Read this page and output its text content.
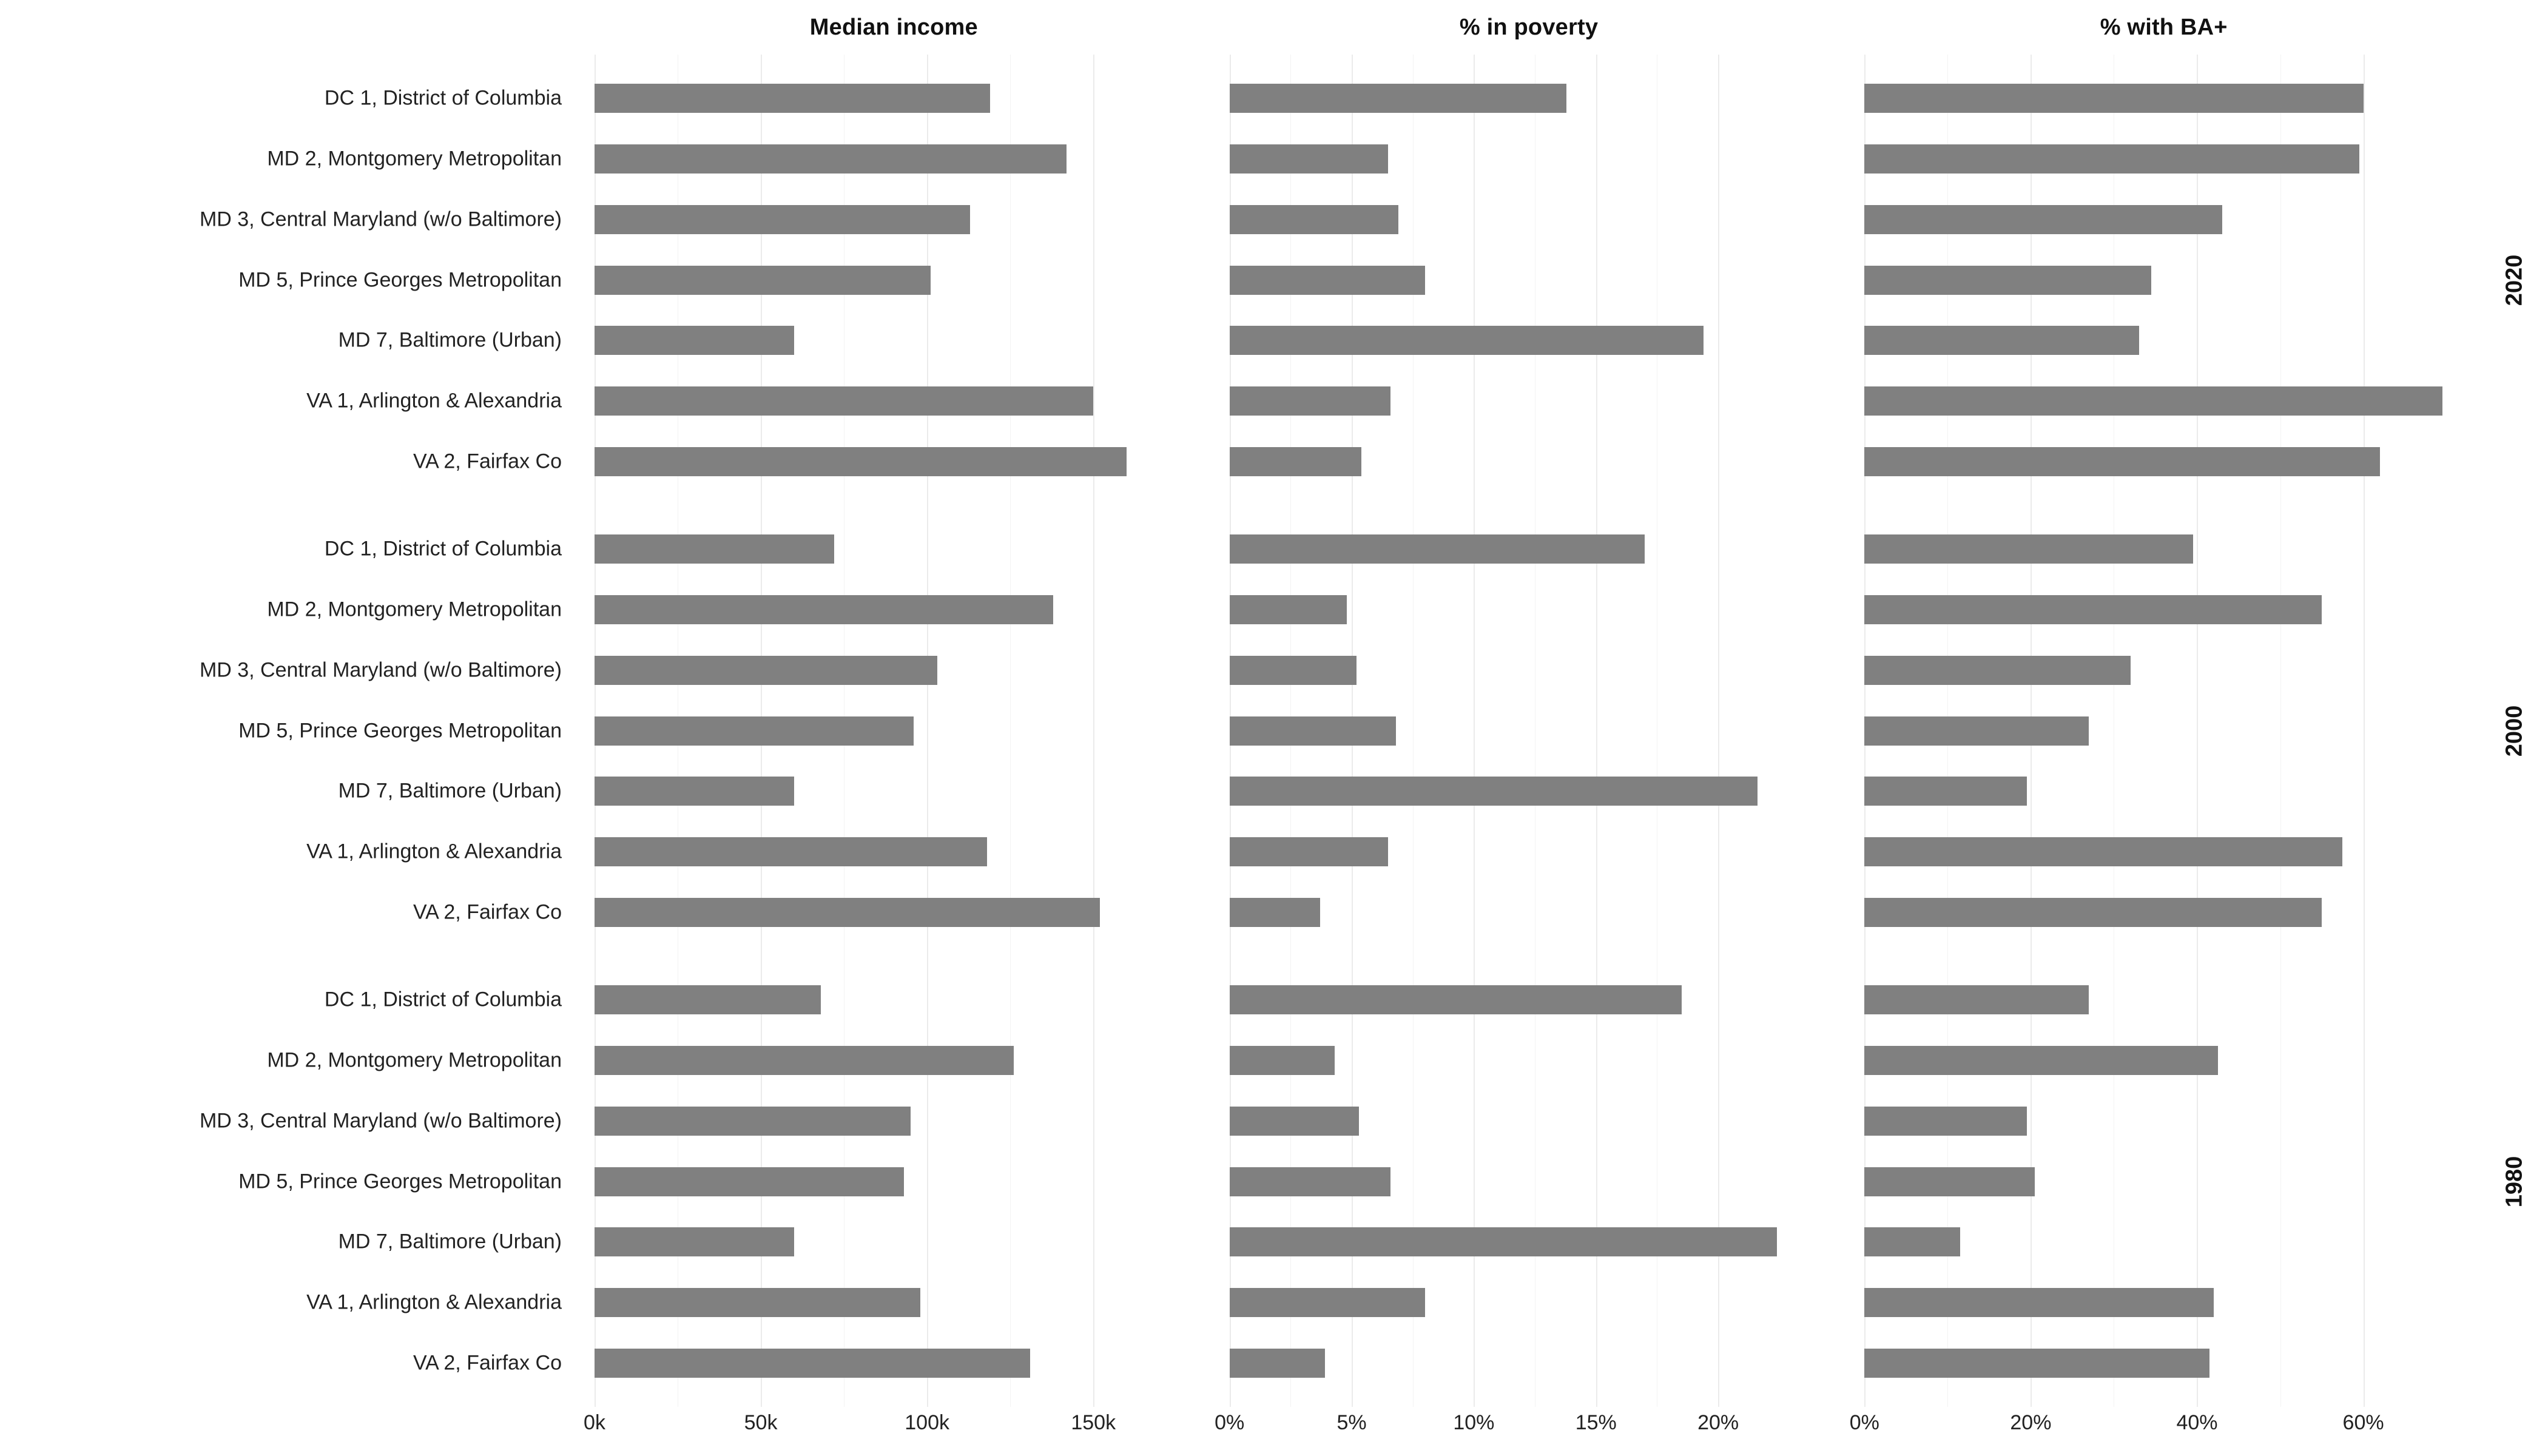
Median income	% in poverty	% with BA+
DC 1, District of Columbia
MD 2, Montgomery Metropolitan
MD 3, Central Maryland (w/o Baltimore)
MD 5, Prince Georges Metropolitan
MD 7, Baltimore (Urban)
VA 1, Arlington & Alexandria
VA 2, Fairfax Co
2020
DC 1, District of Columbia
MD 2, Montgomery Metropolitan
MD 3, Central Maryland (w/o Baltimore)
MD 5, Prince Georges Metropolitan
MD 7, Baltimore (Urban)
VA 1, Arlington & Alexandria
VA 2, Fairfax Co
2000
DC 1, District of Columbia
MD 2, Montgomery Metropolitan
MD 3, Central Maryland (w/o Baltimore)
MD 5, Prince Georges Metropolitan
MD 7, Baltimore (Urban)
VA 1, Arlington & Alexandria
VA 2, Fairfax Co
1980
0k	50k	100k	150k	0%	5%	10%	15%	20%	0%	20%	40%	60%
